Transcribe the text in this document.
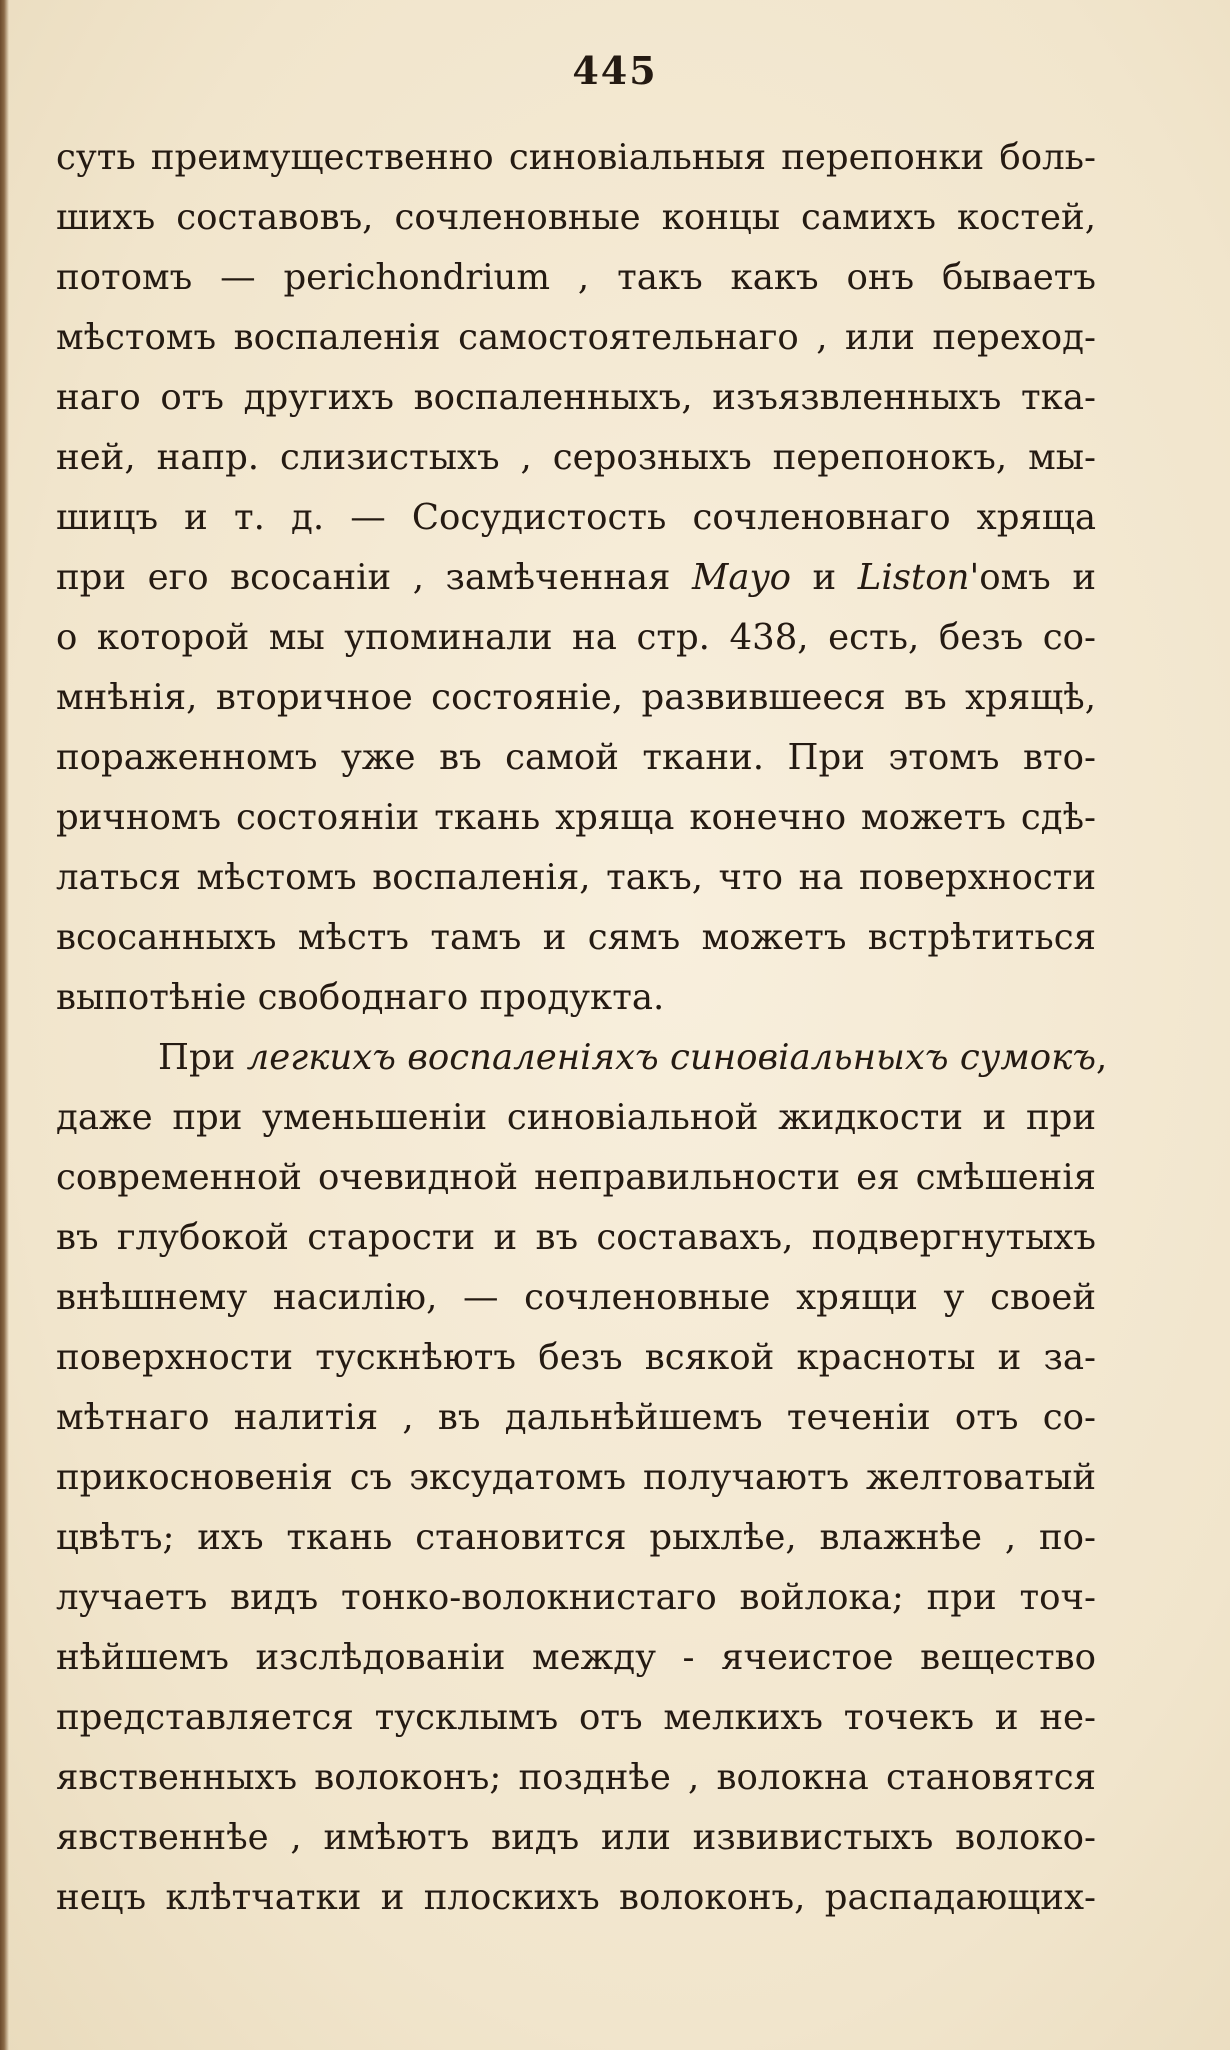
445
суть преимущественно синовіальныя перепонки боль-
шихъ составовъ, сочленовные концы самихъ костей,
потомъ — perichondrium , такъ какъ онъ бываетъ
мѣстомъ воспаленія самостоятельнаго , или переход-
наго отъ другихъ воспаленныхъ, изъязвленныхъ тка-
ней, напр. слизистыхъ , серозныхъ перепонокъ, мы-
шицъ и т. д. — Сосудистость сочленовнаго хряща
при его всосаніи , замѣченная Mayo и Liston'омъ и
о которой мы упоминали на стр. 438, есть, безъ со-
мнѣнія, вторичное состояніе, развившееся въ хрящѣ,
пораженномъ уже въ самой ткани. При этомъ вто-
ричномъ состояніи ткань хряща конечно можетъ сдѣ-
латься мѣстомъ воспаленія, такъ, что на поверхности
всосанныхъ мѣстъ тамъ и сямъ можетъ встрѣтиться
выпотѣніе свободнаго продукта.
При легкихъ воспаленіяхъ синовіальныхъ сумокъ,
даже при уменьшеніи синовіальной жидкости и при
современной очевидной неправильности ея смѣшенія
въ глубокой старости и въ составахъ, подвергнутыхъ
внѣшнему насилію, — сочленовные хрящи у своей
поверхности тускнѣютъ безъ всякой красноты и за-
мѣтнаго налитія , въ дальнѣйшемъ теченіи отъ со-
прикосновенія съ эксудатомъ получаютъ желтоватый
цвѣтъ; ихъ ткань становится рыхлѣе, влажнѣе , по-
лучаетъ видъ тонко-волокнистаго войлока; при точ-
нѣйшемъ изслѣдованіи между - ячеистое вещество
представляется тусклымъ отъ мелкихъ точекъ и не-
явственныхъ волоконъ; позднѣе , волокна становятся
явственнѣе , имѣютъ видъ или извивистыхъ волоко-
нецъ клѣтчатки и плоскихъ волоконъ, распадающих-
